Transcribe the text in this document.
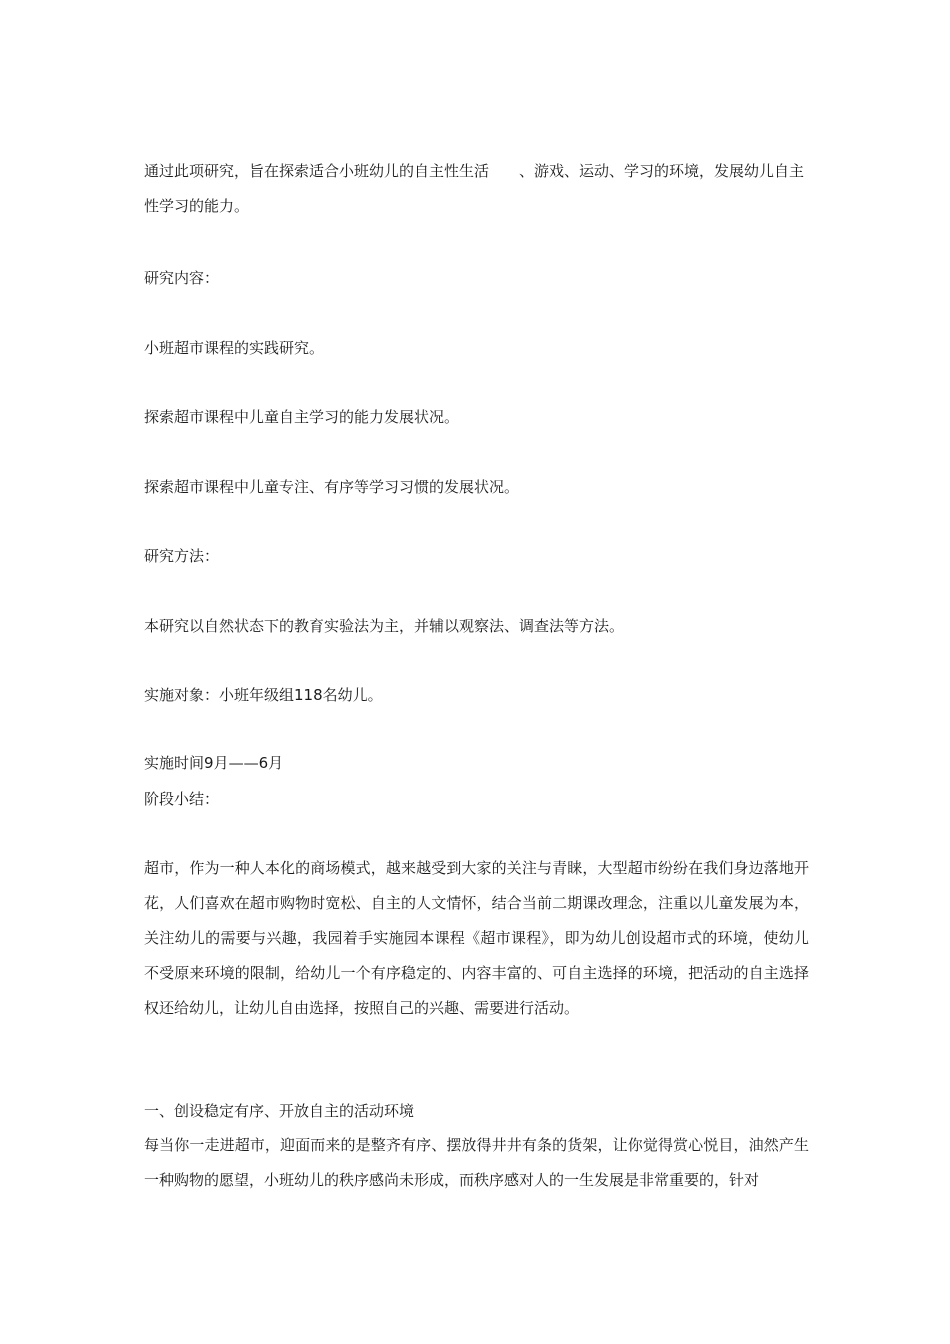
通过此项研究，旨在探索适合小班幼儿的自主性生活 、游戏、运动、学习的环境，发展幼儿自主性学习的能力。

研究内容：

小班超市课程的实践研究。

探索超市课程中儿童自主学习的能力发展状况。

探索超市课程中儿童专注、有序等学习习惯的发展状况。

研究方法：

本研究以自然状态下的教育实验法为主，并辅以观察法、调查法等方法。

实施对象：小班年级组118名幼儿。

实施时间9月——6月

阶段小结：

超市，作为一种人本化的商场模式，越来越受到大家的关注与青睐，大型超市纷纷在我们身边落地开花，人们喜欢在超市购物时宽松、自主的人文情怀，结合当前二期课改理念，注重以儿童发展为本，关注幼儿的需要与兴趣，我园着手实施园本课程《超市课程》，即为幼儿创设超市式的环境，使幼儿不受原来环境的限制，给幼儿一个有序稳定的、内容丰富的、可自主选择的环境，把活动的自主选择权还给幼儿，让幼儿自由选择，按照自己的兴趣、需要进行活动。

一、创设稳定有序、开放自主的活动环境

每当你一走进超市，迎面而来的是整齐有序、摆放得井井有条的货架，让你觉得赏心悦目，油然产生一种购物的愿望，小班幼儿的秩序感尚未形成，而秩序感对人的一生发展是非常重要的，针对
